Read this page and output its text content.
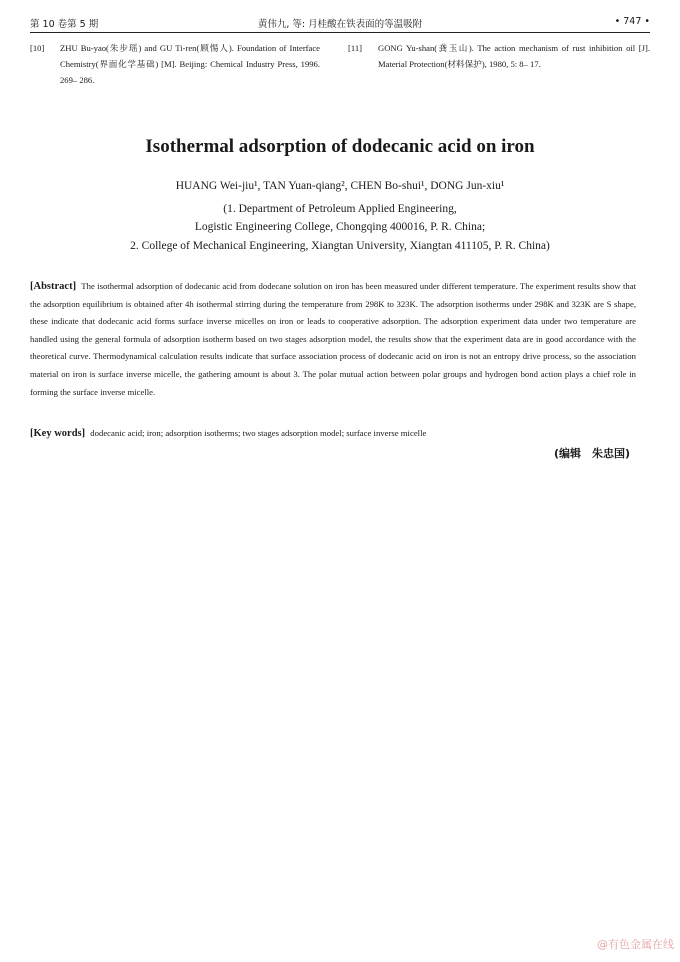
第 10 卷第 5 期	黄伟九, 等: 月桂酸在铁表面的等温吸附	• 747 •
[10] ZHU Bu-yao(朱步瑶) and GU Ti-ren(顾惕人). Foundation of Interface Chemistry(界面化学基础) [M]. Beijing: Chemical Industry Press, 1996. 269– 286.
[11] GONG Yu-shan(龚玉山). The action mechanism of rust inhibition oil [J]. Material Protection(材料保护), 1980, 5: 8– 17.
Isothermal adsorption of dodecanic acid on iron
HUANG Wei-jiu¹, TAN Yuan-qiang², CHEN Bo-shui¹, DONG Jun-xiu¹
(1. Department of Petroleum Applied Engineering,
Logistic Engineering College, Chongqing 400016, P. R. China;
2. College of Mechanical Engineering, Xiangtan University, Xiangtan 411105, P. R. China)
[Abstract] The isothermal adsorption of dodecanic acid from dodecane solution on iron has been measured under different temperature. The experiment results show that the adsorption equilibrium is obtained after 4h isothermal stirring during the temperature from 298K to 323K. The adsorption isotherms under 298K and 323K are S shape, these indicate that dodecanic acid forms surface inverse micelles on iron or leads to cooperative adsorption. The adsorption experiment data under two temperature are handled using the general formula of adsorption isotherm based on two stages adsorption model, the results show that the experiment data are in good accordance with the theoretical curve. Thermodynamical calculation results indicate that surface association process of dodecanic acid on iron is not an entropy drive process, so the association material on iron is surface inverse micelle, the gathering amount is about 3. The polar mutual action between polar groups and hydrogen bond action plays a chief role in forming the surface inverse micelle.
[Key words] dodecanic acid; iron; adsorption isotherms; two stages adsorption model; surface inverse micelle
(编辑　朱忠国)
@有色金属在线
